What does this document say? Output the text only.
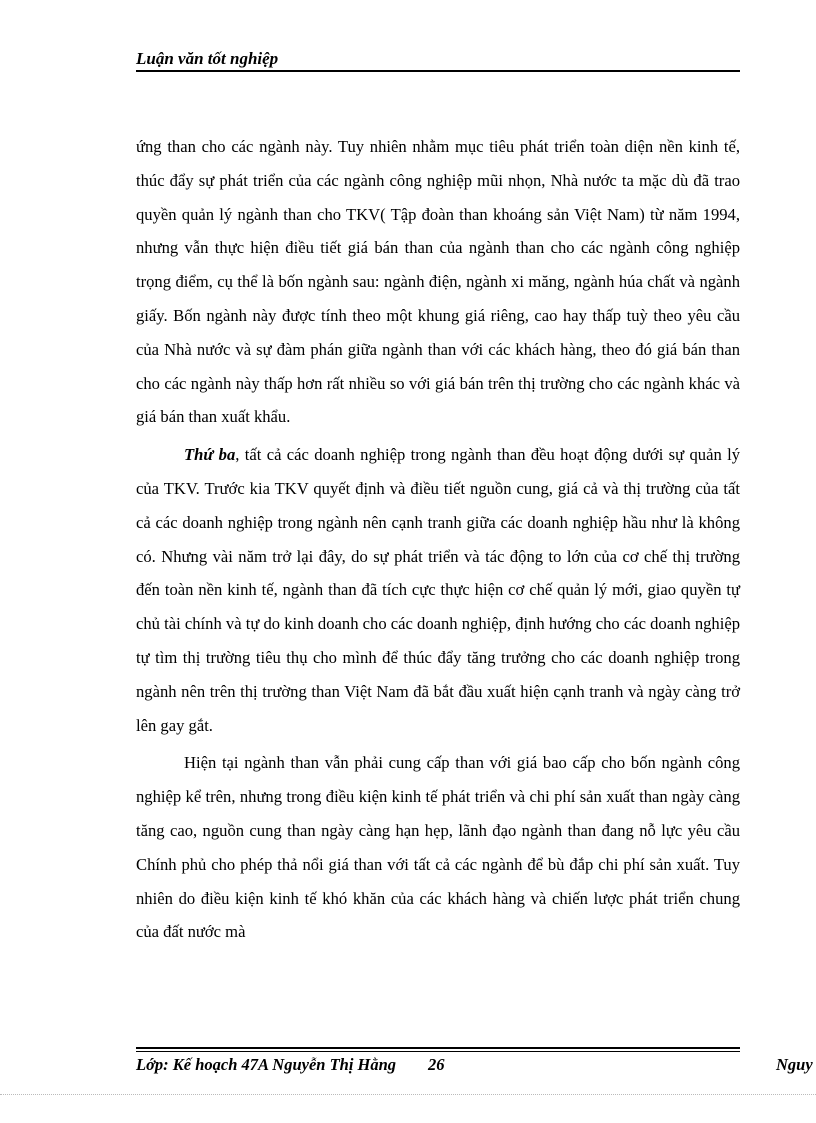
Luận văn tốt nghiệp

ứng than cho các ngành này. Tuy nhiên nhằm mục tiêu phát triển toàn diện nền kinh tế, thúc đẩy sự phát triển của các ngành công nghiệp mũi nhọn, Nhà nước ta mặc dù đã trao quyền quản lý ngành than cho TKV( Tập đoàn than khoáng sản Việt Nam) từ năm 1994, nhưng vẫn thực hiện điều tiết giá bán than của ngành than cho các ngành công nghiệp trọng điểm, cụ thể là bốn ngành sau: ngành điện, ngành xi măng, ngành húa chất và ngành giấy. Bốn ngành này được tính theo một khung giá riêng, cao hay thấp tuỳ theo yêu cầu của Nhà nước và sự đàm phán giữa ngành than với các khách hàng, theo đó giá bán than cho các ngành này thấp hơn rất nhiều so với giá bán trên thị trường cho các ngành khác và giá bán than xuất khẩu.

Thứ ba, tất cả các doanh nghiệp trong ngành than đều hoạt động dưới sự quản lý của TKV. Trước kia TKV quyết định và điều tiết nguồn cung, giá cả và thị trường của tất cả các doanh nghiệp trong ngành nên cạnh tranh giữa các doanh nghiệp hầu như là không có. Nhưng vài năm trở lại đây, do sự phát triển và tác động to lớn của cơ chế thị trường đến toàn nền kinh tế, ngành than đã tích cực thực hiện cơ chế quản lý mới, giao quyền tự chủ tài chính và tự do kinh doanh cho các doanh nghiệp, định hướng cho các doanh nghiệp tự tìm thị trường tiêu thụ cho mình để thúc đẩy tăng trưởng cho các doanh nghiệp trong ngành nên trên thị trường than Việt Nam đã bắt đầu xuất hiện cạnh tranh và ngày càng trở lên gay gắt.

Hiện tại ngành than vẫn phải cung cấp than với giá bao cấp cho bốn ngành công nghiệp kể trên, nhưng trong điều kiện kinh tế phát triển và chi phí sản xuất than ngày càng tăng cao, nguồn cung than ngày càng hạn hẹp, lãnh đạo ngành than đang nỗ lực yêu cầu Chính phủ cho phép thả nổi giá than với tất cả các ngành để bù đắp chi phí sản xuất. Tuy nhiên do điều kiện kinh tế khó khăn của các khách hàng và chiến lược phát triển chung của đất nước mà

Lớp: Kế hoạch 47A Nguyễn Thị Hằng 26	Nguy
